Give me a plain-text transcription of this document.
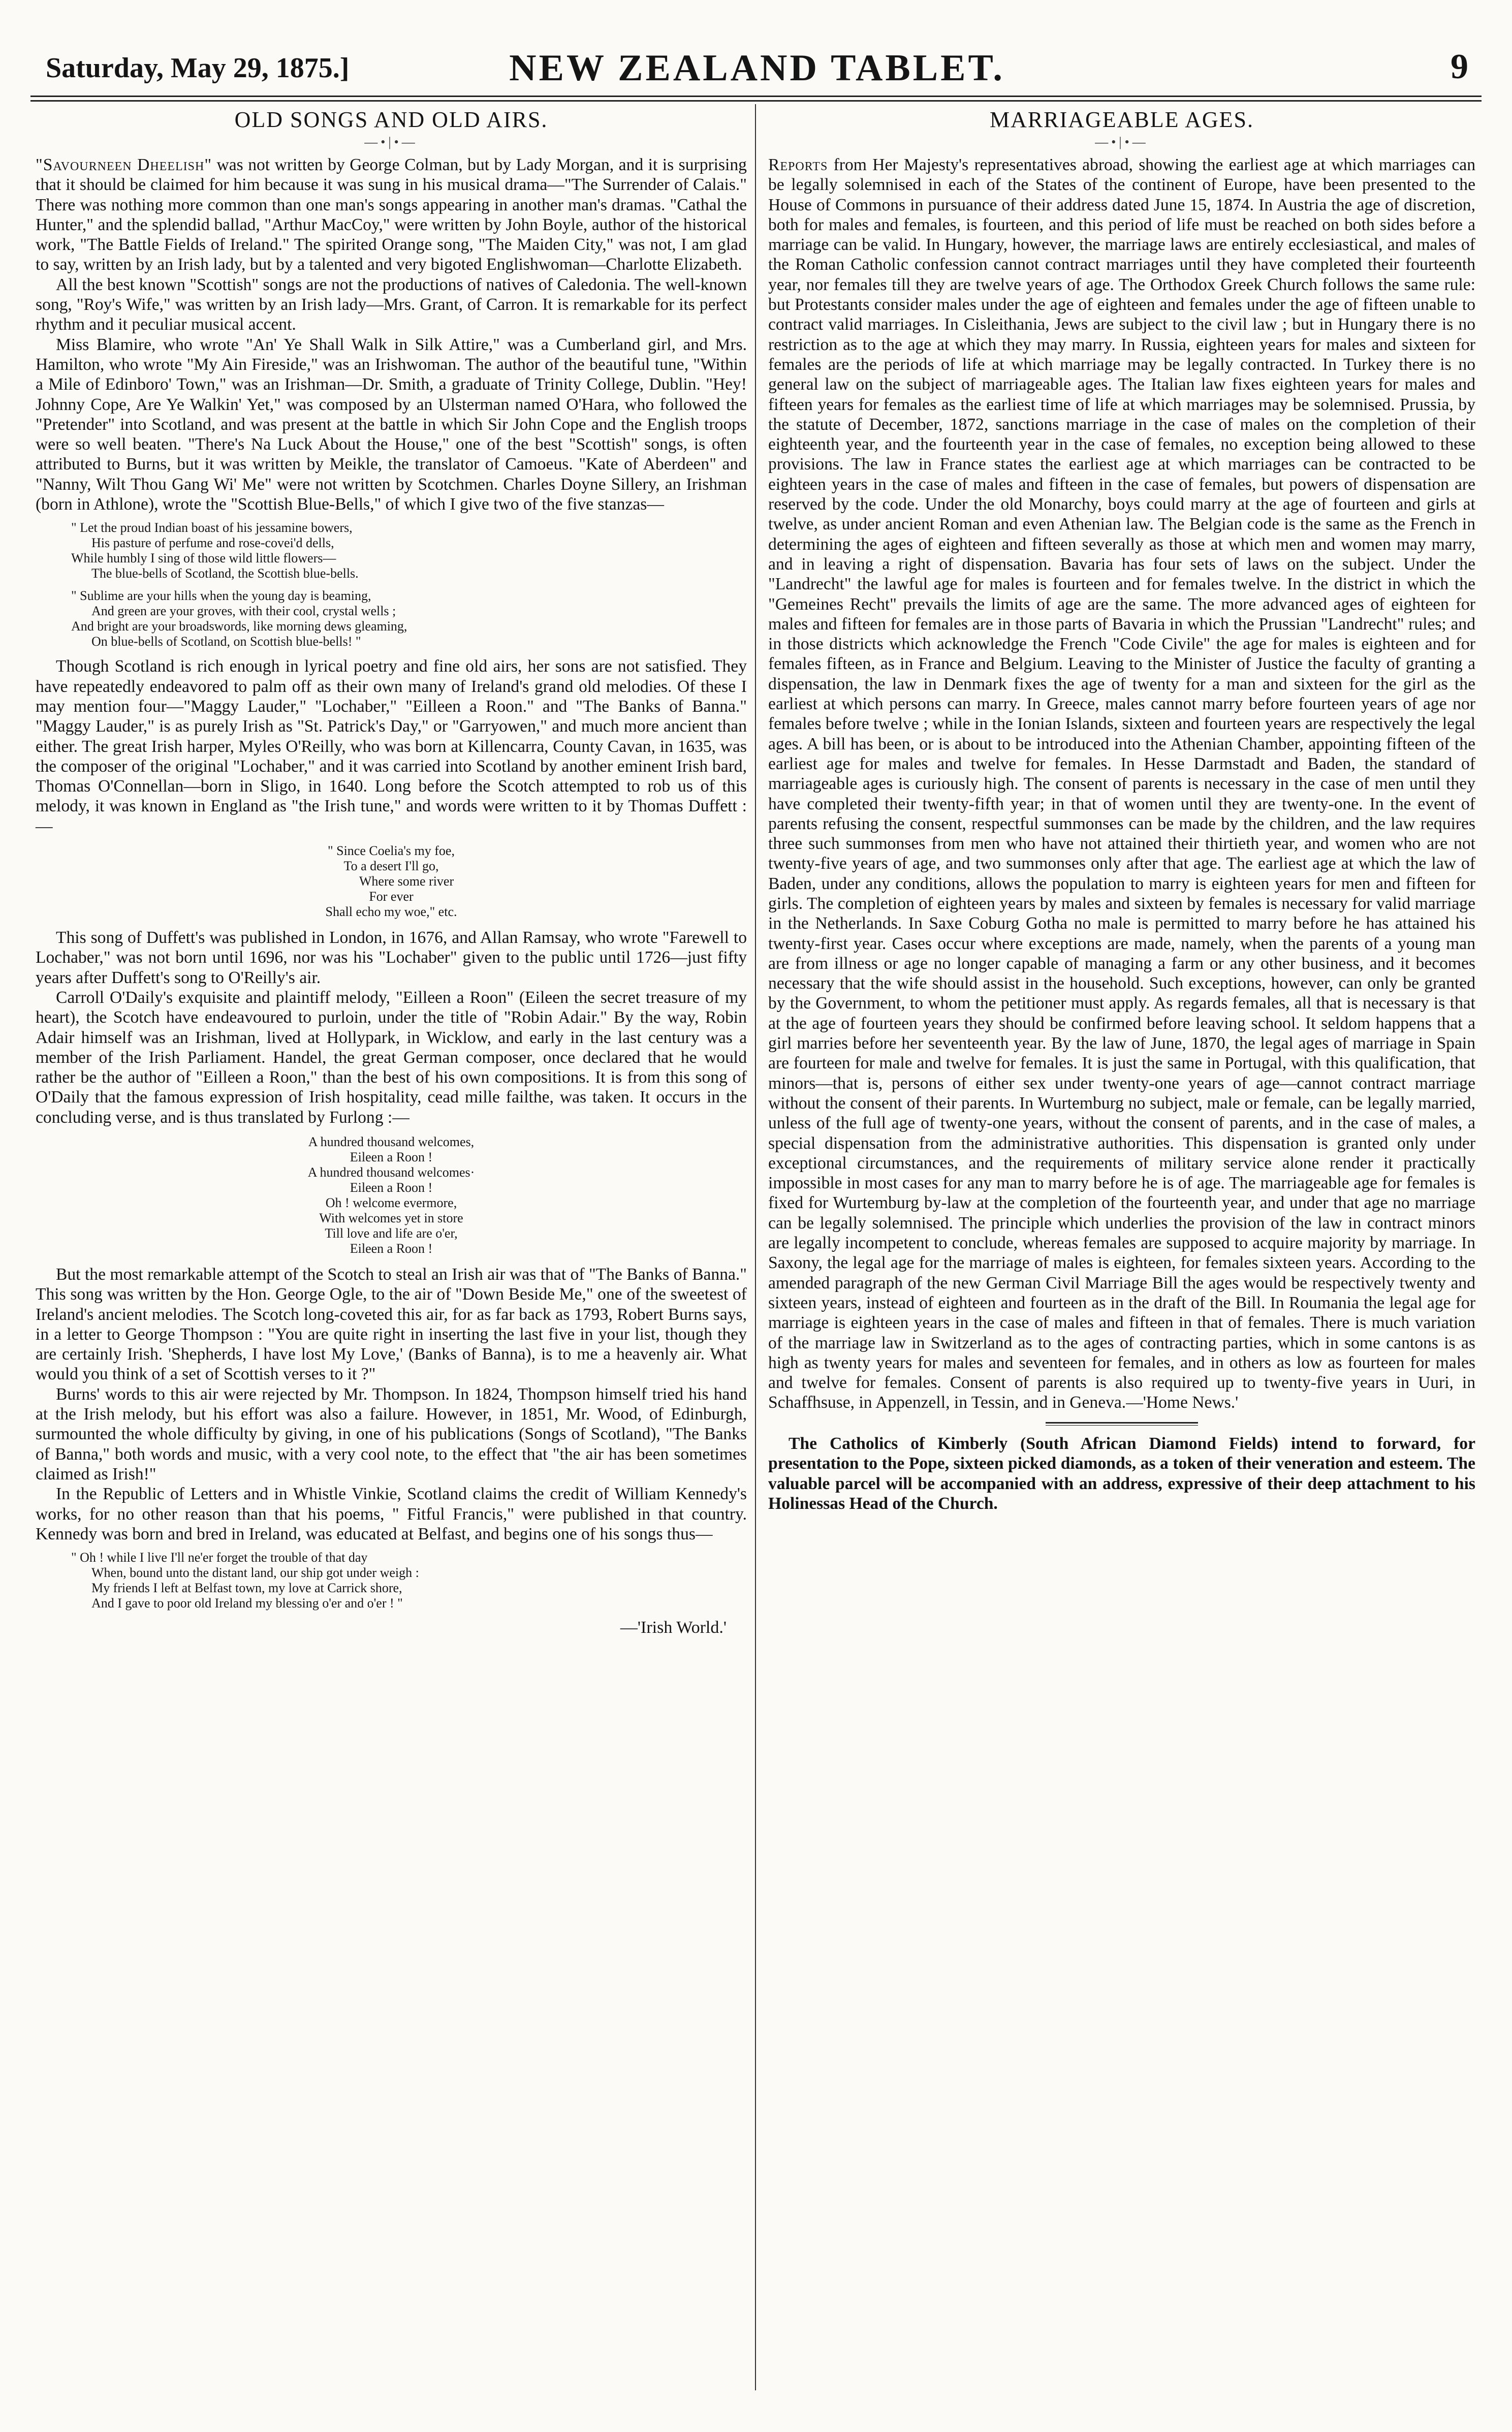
Saturday, May 29, 1875.]	NEW ZEALAND TABLET.	9
OLD SONGS AND OLD AIRS.
—•|•—

"Savourneen Dheelish" was not written by George Colman, but by Lady Morgan, and it is surprising that it should be claimed for him because it was sung in his musical drama—"The Surrender of Calais." There was nothing more common than one man's songs appearing in another man's dramas. "Cathal the Hunter," and the splendid ballad, "Arthur MacCoy," were written by John Boyle, author of the historical work, "The Battle Fields of Ireland." The spirited Orange song, "The Maiden City," was not, I am glad to say, written by an Irish lady, but by a talented and very bigoted Englishwoman—Charlotte Elizabeth.

All the best known "Scottish" songs are not the productions of natives of Caledonia. The well-known song, "Roy's Wife," was written by an Irish lady—Mrs. Grant, of Carron. It is remarkable for its perfect rhythm and it peculiar musical accent.

Miss Blamire, who wrote "An' Ye Shall Walk in Silk Attire," was a Cumberland girl, and Mrs. Hamilton, who wrote "My Ain Fireside," was an Irishwoman. The author of the beautiful tune, "Within a Mile of Edinboro' Town," was an Irishman—Dr. Smith, a graduate of Trinity College, Dublin. "Hey! Johnny Cope, Are Ye Walkin' Yet," was composed by an Ulsterman named O'Hara, who followed the "Pretender" into Scotland, and was present at the battle in which Sir John Cope and the English troops were so well beaten. "There's Na Luck About the House," one of the best "Scottish" songs, is often attributed to Burns, but it was written by Meikle, the translator of Camoeus. "Kate of Aberdeen" and "Nanny, Wilt Thou Gang Wi' Me" were not written by Scotchmen. Charles Doyne Sillery, an Irishman (born in Athlone), wrote the "Scottish Blue-Bells," of which I give two of the five stanzas—

" Let the proud Indian boast of his jessamine bowers,
His pasture of perfume and rose-covei'd dells,
While humbly I sing of those wild little flowers—
The blue-bells of Scotland, the Scottish blue-bells.
" Sublime are your hills when the young day is beaming,
And green are your groves, with their cool, crystal wells ;
And bright are your broadswords, like morning dews gleaming,
On blue-bells of Scotland, on Scottish blue-bells! "

Though Scotland is rich enough in lyrical poetry and fine old airs, her sons are not satisfied. They have repeatedly endeavored to palm off as their own many of Ireland's grand old melodies. Of these I may mention four—"Maggy Lauder," "Lochaber," "Eilleen a Roon." and "The Banks of Banna." "Maggy Lauder," is as purely Irish as "St. Patrick's Day," or "Garryowen," and much more ancient than either. The great Irish harper, Myles O'Reilly, who was born at Killencarra, County Cavan, in 1635, was the composer of the original "Lochaber," and it was carried into Scotland by another eminent Irish bard, Thomas O'Connellan—born in Sligo, in 1640. Long before the Scotch attempted to rob us of this melody, it was known in England as "the Irish tune," and words were written to it by Thomas Duffett :—

" Since Coelia's my foe,
To a desert I'll go,
Where some river
For ever
Shall echo my woe," etc.

This song of Duffett's was published in London, in 1676, and Allan Ramsay, who wrote "Farewell to Lochaber," was not born until 1696, nor was his "Lochaber" given to the public until 1726—just fifty years after Duffett's song to O'Reilly's air.

Carroll O'Daily's exquisite and plaintiff melody, "Eilleen a Roon" (Eileen the secret treasure of my heart), the Scotch have endeavoured to purloin, under the title of "Robin Adair." By the way, Robin Adair himself was an Irishman, lived at Hollypark, in Wicklow, and early in the last century was a member of the Irish Parliament. Handel, the great German composer, once declared that he would rather be the author of "Eilleen a Roon," than the best of his own compositions. It is from this song of O'Daily that the famous expression of Irish hospitality, cead mille failthe, was taken. It occurs in the concluding verse, and is thus translated by Furlong :—

A hundred thousand welcomes,
Eileen a Roon !
A hundred thousand welcomes·
Eileen a Roon !
Oh ! welcome evermore,
With welcomes yet in store
Till love and life are o'er,
Eileen a Roon !

But the most remarkable attempt of the Scotch to steal an Irish air was that of "The Banks of Banna." This song was written by the Hon. George Ogle, to the air of "Down Beside Me," one of the sweetest of Ireland's ancient melodies. The Scotch long-coveted this air, for as far back as 1793, Robert Burns says, in a letter to George Thompson : "You are quite right in inserting the last five in your list, though they are certainly Irish. 'Shepherds, I have lost My Love,' (Banks of Banna), is to me a heavenly air. What would you think of a set of Scottish verses to it ?"

Burns' words to this air were rejected by Mr. Thompson. In 1824, Thompson himself tried his hand at the Irish melody, but his effort was also a failure. However, in 1851, Mr. Wood, of Edinburgh, surmounted the whole difficulty by giving, in one of his publications (Songs of Scotland), "The Banks of Banna," both words and music, with a very cool note, to the effect that "the air has been sometimes claimed as Irish!"

In the Republic of Letters and in Whistle Vinkie, Scotland claims the credit of William Kennedy's works, for no other reason than that his poems, " Fitful Francis," were published in that country. Kennedy was born and bred in Ireland, was educated at Belfast, and begins one of his songs thus—

" Oh ! while I live I'll ne'er forget the trouble of that day
When, bound unto the distant land, our ship got under weigh :
My friends I left at Belfast town, my love at Carrick shore,
And I gave to poor old Ireland my blessing o'er and o'er ! "
—'Irish World.'
MARRIAGEABLE AGES.
—•|•—

Reports from Her Majesty's representatives abroad, showing the earliest age at which marriages can be legally solemnised in each of the States of the continent of Europe, have been presented to the House of Commons in pursuance of their address dated June 15, 1874. In Austria the age of discretion, both for males and females, is fourteen, and this period of life must be reached on both sides before a marriage can be valid. In Hungary, however, the marriage laws are entirely ecclesiastical, and males of the Roman Catholic confession cannot contract marriages until they have completed their fourteenth year, nor females till they are twelve years of age. The Orthodox Greek Church follows the same rule: but Protestants consider males under the age of eighteen and females under the age of fifteen unable to contract valid marriages. In Cisleithania, Jews are subject to the civil law ; but in Hungary there is no restriction as to the age at which they may marry. In Russia, eighteen years for males and sixteen for females are the periods of life at which marriage may be legally contracted. In Turkey there is no general law on the subject of marriageable ages. The Italian law fixes eighteen years for males and fifteen years for females as the earliest time of life at which marriages may be solemnised. Prussia, by the statute of December, 1872, sanctions marriage in the case of males on the completion of their eighteenth year, and the fourteenth year in the case of females, no exception being allowed to these provisions. The law in France states the earliest age at which marriages can be contracted to be eighteen years in the case of males and fifteen in the case of females, but powers of dispensation are reserved by the code. Under the old Monarchy, boys could marry at the age of fourteen and girls at twelve, as under ancient Roman and even Athenian law. The Belgian code is the same as the French in determining the ages of eighteen and fifteen severally as those at which men and women may marry, and in leaving a right of dispensation. Bavaria has four sets of laws on the subject. Under the "Landrecht" the lawful age for males is fourteen and for females twelve. In the district in which the "Gemeines Recht" prevails the limits of age are the same. The more advanced ages of eighteen for males and fifteen for females are in those parts of Bavaria in which the Prussian "Landrecht" rules; and in those districts which acknowledge the French "Code Civile" the age for males is eighteen and for females fifteen, as in France and Belgium. Leaving to the Minister of Justice the faculty of granting a dispensation, the law in Denmark fixes the age of twenty for a man and sixteen for the girl as the earliest at which persons can marry. In Greece, males cannot marry before fourteen years of age nor females before twelve ; while in the Ionian Islands, sixteen and fourteen years are respectively the legal ages. A bill has been, or is about to be introduced into the Athenian Chamber, appointing fifteen of the earliest age for males and twelve for females. In Hesse Darmstadt and Baden, the standard of marriageable ages is curiously high. The consent of parents is necessary in the case of men until they have completed their twenty-fifth year; in that of women until they are twenty-one. In the event of parents refusing the consent, respectful summonses can be made by the children, and the law requires three such summonses from men who have not attained their thirtieth year, and women who are not twenty-five years of age, and two summonses only after that age. The earliest age at which the law of Baden, under any conditions, allows the population to marry is eighteen years for men and fifteen for girls. The completion of eighteen years by males and sixteen by females is necessary for valid marriage in the Netherlands. In Saxe Coburg Gotha no male is permitted to marry before he has attained his twenty-first year. Cases occur where exceptions are made, namely, when the parents of a young man are from illness or age no longer capable of managing a farm or any other business, and it becomes necessary that the wife should assist in the household. Such exceptions, however, can only be granted by the Government, to whom the petitioner must apply. As regards females, all that is necessary is that at the age of fourteen years they should be confirmed before leaving school. It seldom happens that a girl marries before her seventeenth year. By the law of June, 1870, the legal ages of marriage in Spain are fourteen for male and twelve for females. It is just the same in Portugal, with this qualification, that minors—that is, persons of either sex under twenty-one years of age—cannot contract marriage without the consent of their parents. In Wurtemburg no subject, male or female, can be legally married, unless of the full age of twenty-one years, without the consent of parents, and in the case of males, a special dispensation from the administrative authorities. This dispensation is granted only under exceptional circumstances, and the requirements of military service alone render it practically impossible in most cases for any man to marry before he is of age. The marriageable age for females is fixed for Wurtemburg by-law at the completion of the fourteenth year, and under that age no marriage can be legally solemnised. The principle which underlies the provision of the law in contract minors are legally incompetent to conclude, whereas females are supposed to acquire majority by marriage. In Saxony, the legal age for the marriage of males is eighteen, for females sixteen years. According to the amended paragraph of the new German Civil Marriage Bill the ages would be respectively twenty and sixteen years, instead of eighteen and fourteen as in the draft of the Bill. In Roumania the legal age for marriage is eighteen years in the case of males and fifteen in that of females. There is much variation of the marriage law in Switzerland as to the ages of contracting parties, which in some cantons is as high as twenty years for males and seventeen for females, and in others as low as fourteen for males and twelve for females. Consent of parents is also required up to twenty-five years in Uuri, in Schaffhsuse, in Appenzell, in Tessin, and in Geneva.—'Home News.'

The Catholics of Kimberly (South African Diamond Fields) intend to forward, for presentation to the Pope, sixteen picked diamonds, as a token of their veneration and esteem. The valuable parcel will be accompanied with an address, expressive of their deep attachment to his Holinessas Head of the Church.
